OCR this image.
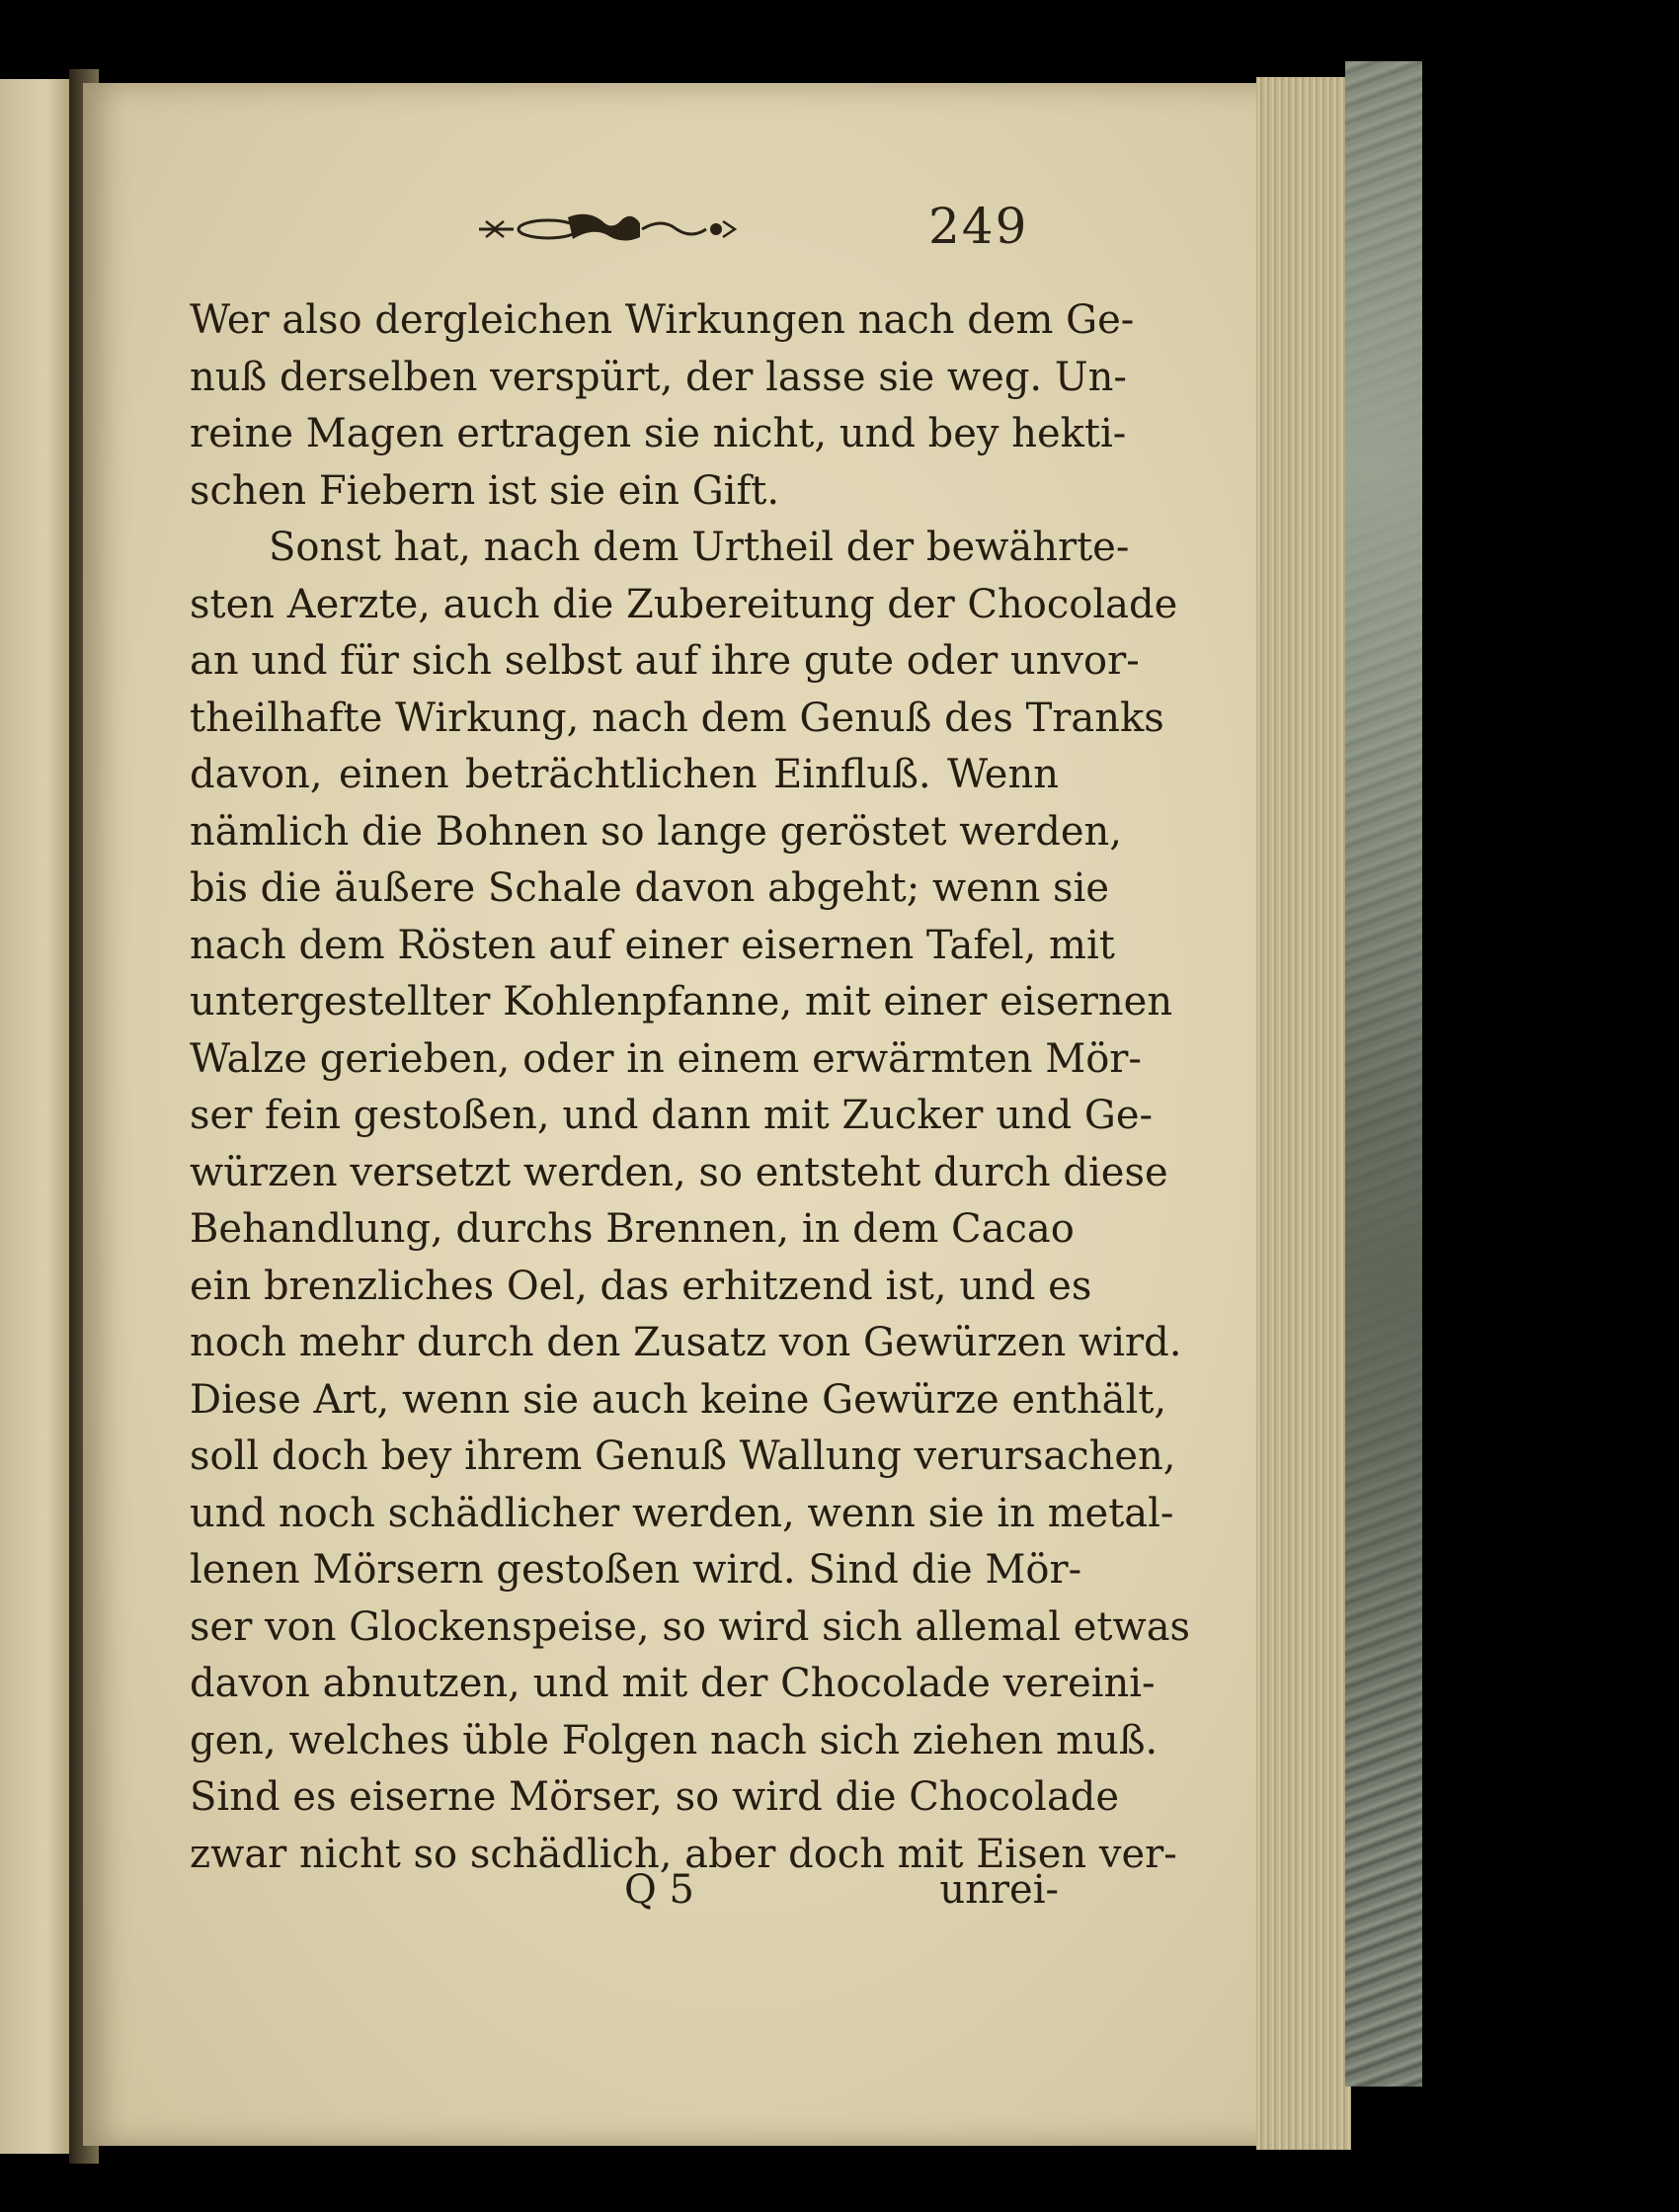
249
Wer also dergleichen Wirkungen nach dem Ge-
nuß derselben verspürt, der lasse sie weg. Un-
reine Magen ertragen sie nicht, und bey hekti-
schen Fiebern ist sie ein Gift.
Sonst hat, nach dem Urtheil der bewährte-
sten Aerzte, auch die Zubereitung der Chocolade
an und für sich selbst auf ihre gute oder unvor-
theilhafte Wirkung, nach dem Genuß des Tranks
davon, einen beträchtlichen Einfluß. Wenn
nämlich die Bohnen so lange geröstet werden,
bis die äußere Schale davon abgeht; wenn sie
nach dem Rösten auf einer eisernen Tafel, mit
untergestellter Kohlenpfanne, mit einer eisernen
Walze gerieben, oder in einem erwärmten Mör-
ser fein gestoßen, und dann mit Zucker und Ge-
würzen versetzt werden, so entsteht durch diese
Behandlung, durchs Brennen, in dem Cacao
ein brenzliches Oel, das erhitzend ist, und es
noch mehr durch den Zusatz von Gewürzen wird.
Diese Art, wenn sie auch keine Gewürze enthält,
soll doch bey ihrem Genuß Wallung verursachen,
und noch schädlicher werden, wenn sie in metal-
lenen Mörsern gestoßen wird. Sind die Mör-
ser von Glockenspeise, so wird sich allemal etwas
davon abnutzen, und mit der Chocolade vereini-
gen, welches üble Folgen nach sich ziehen muß.
Sind es eiserne Mörser, so wird die Chocolade
zwar nicht so schädlich, aber doch mit Eisen ver-
Q 5	unrei-
